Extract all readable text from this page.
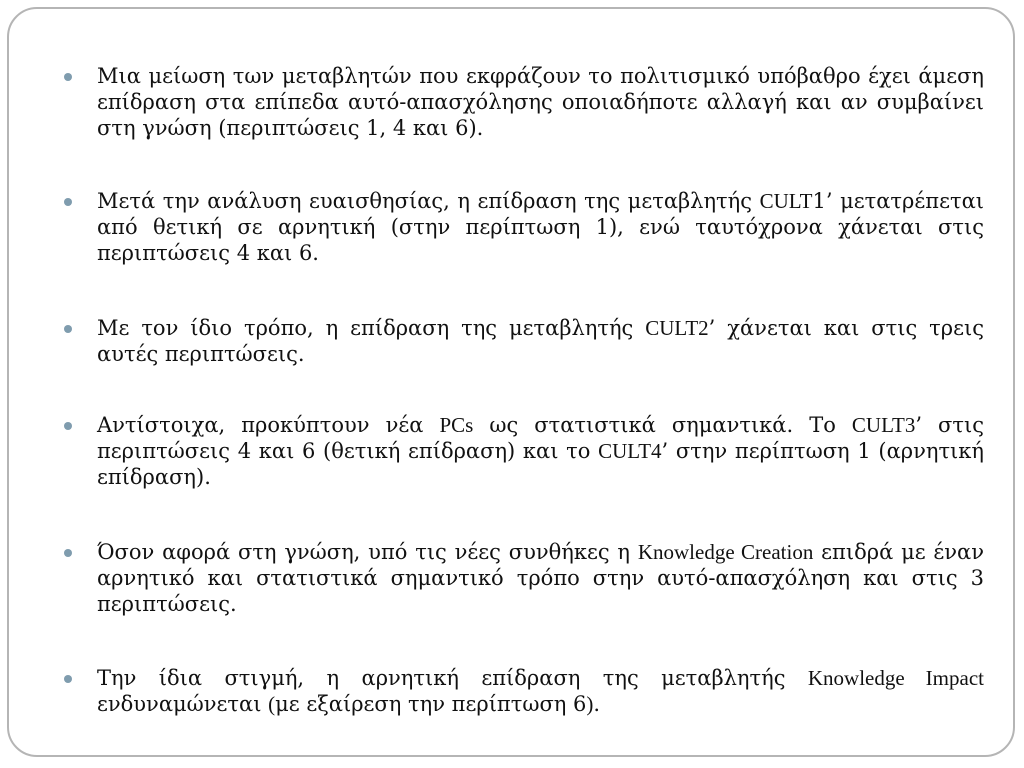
Μια μείωση των μεταβλητών που εκφράζουν το πολιτισμικό υπόβαθρο έχει άμεση επίδραση στα επίπεδα αυτό-απασχόλησης οποιαδήποτε αλλαγή και αν συμβαίνει στη γνώση (περιπτώσεις 1, 4 και 6).
Μετά την ανάλυση ευαισθησίας, η επίδραση της μεταβλητής CULT1’ μετατρέπεται από θετική σε αρνητική (στην περίπτωση 1), ενώ ταυτόχρονα χάνεται στις περιπτώσεις 4 και 6.
Με τον ίδιο τρόπο, η επίδραση της μεταβλητής CULT2’ χάνεται και στις τρεις αυτές περιπτώσεις.
Αντίστοιχα, προκύπτουν νέα PCs ως στατιστικά σημαντικά. Το CULT3’ στις περιπτώσεις 4 και 6 (θετική επίδραση) και το CULT4’ στην περίπτωση 1 (αρνητική επίδραση).
Όσον αφορά στη γνώση, υπό τις νέες συνθήκες η Knowledge Creation επιδρά με έναν αρνητικό και στατιστικά σημαντικό τρόπο στην αυτό-απασχόληση και στις 3 περιπτώσεις.
Την ίδια στιγμή, η αρνητική επίδραση της μεταβλητής Knowledge Impact ενδυναμώνεται (με εξαίρεση την περίπτωση 6).
